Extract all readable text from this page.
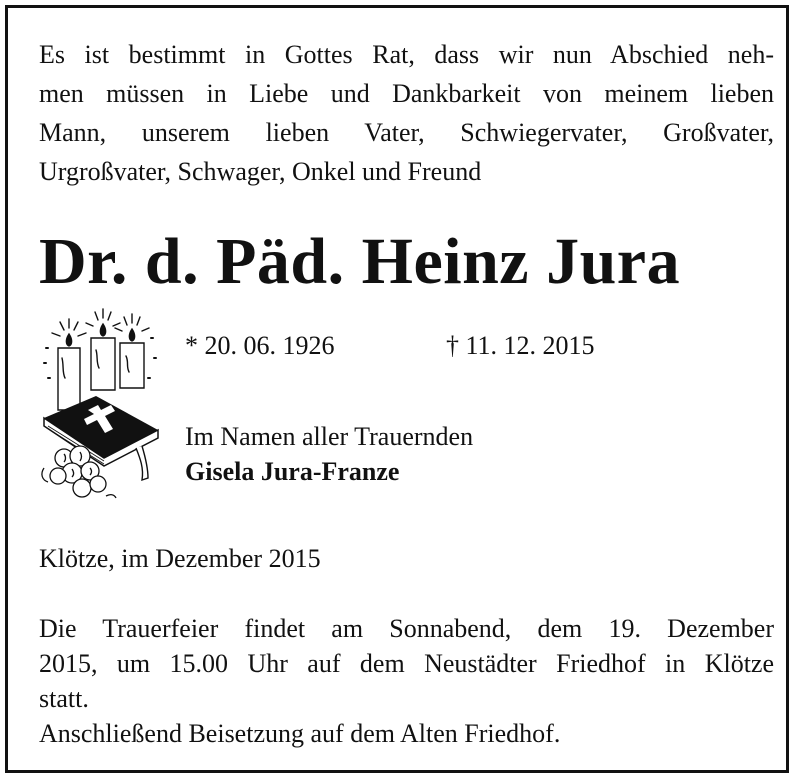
Es ist bestimmt in Gottes Rat, dass wir nun Abschied neh-
men müssen in Liebe und Dankbarkeit von meinem lieben
Mann, unserem lieben Vater, Schwiegervater, Großvater,
Urgroßvater, Schwager, Onkel und Freund

Dr. d. Päd. Heinz Jura
* 20. 06. 1926	† 11. 12. 2015
Im Namen aller Trauernden
Gisela Jura-Franze
Klötze, im Dezember 2015

Die Trauerfeier findet am Sonnabend, dem 19. Dezember
2015, um 15.00 Uhr auf dem Neustädter Friedhof in Klötze
statt.
Anschließend Beisetzung auf dem Alten Friedhof.
